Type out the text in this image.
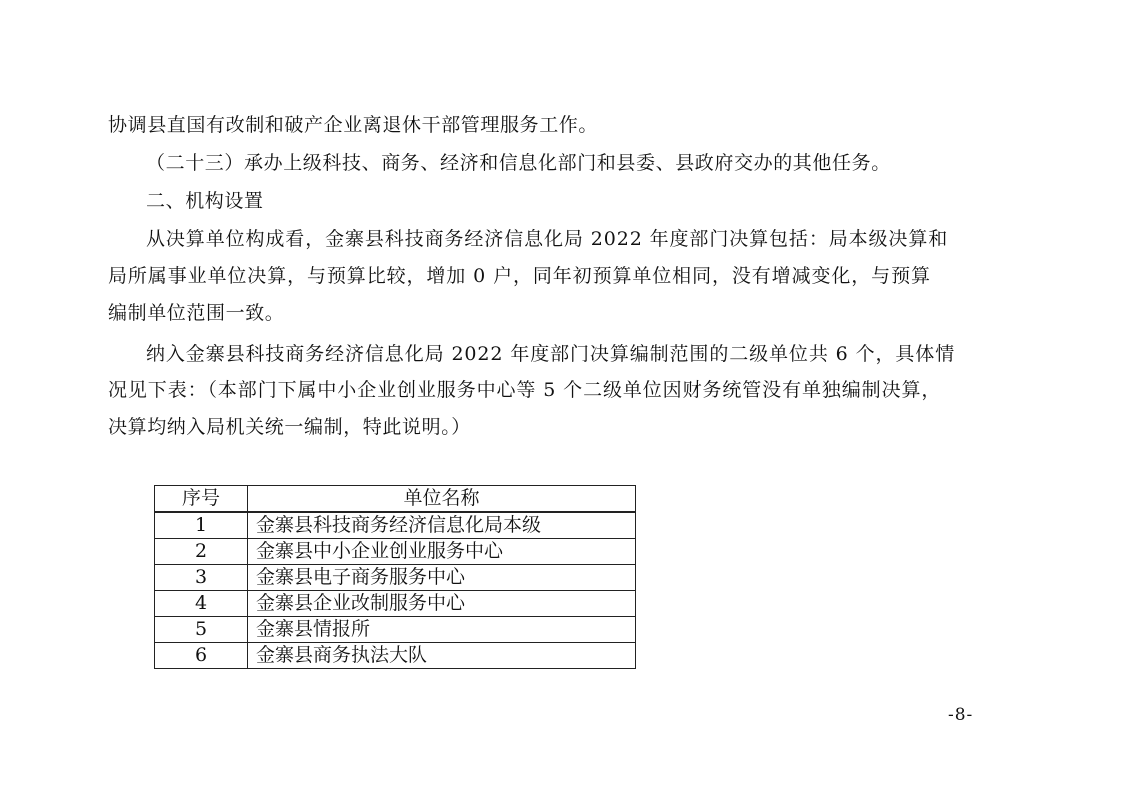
协调县直国有改制和破产企业离退休干部管理服务工作。
（二十三）承办上级科技、商务、经济和信息化部门和县委、县政府交办的其他任务。
二、机构设置
从决算单位构成看，金寨县科技商务经济信息化局 2022 年度部门决算包括：局本级决算和
局所属事业单位决算，与预算比较，增加 0 户，同年初预算单位相同，没有增减变化，与预算
编制单位范围一致。
纳入金寨县科技商务经济信息化局 2022 年度部门决算编制范围的二级单位共 6 个，具体情
况见下表：（本部门下属中小企业创业服务中心等 5 个二级单位因财务统管没有单独编制决算，
决算均纳入局机关统一编制，特此说明。）
序号	单位名称
1	金寨县科技商务经济信息化局本级
2	金寨县中小企业创业服务中心
3	金寨县电子商务服务中心
4	金寨县企业改制服务中心
5	金寨县情报所
6	金寨县商务执法大队
-8-
